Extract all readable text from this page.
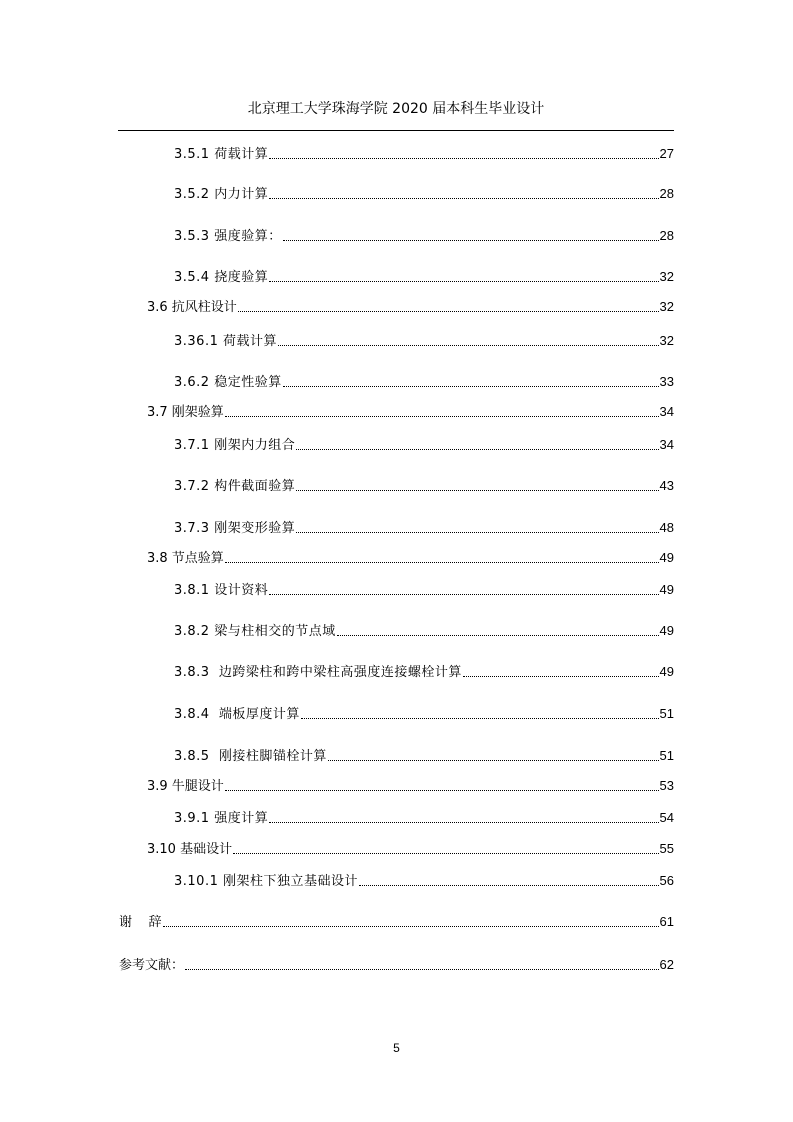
北京理工大学珠海学院 2020 届本科生毕业设计
3.5.1 荷载计算	27
3.5.2 内力计算	28
3.5.3 强度验算：	28
3.5.4 挠度验算	32
3.6 抗风柱设计	32
3.36.1 荷载计算	32
3.6.2 稳定性验算	33
3.7 刚架验算	34
3.7.1 刚架内力组合	34
3.7.2 构件截面验算	43
3.7.3 刚架变形验算	48
3.8 节点验算	49
3.8.1 设计资料	49
3.8.2 梁与柱相交的节点域	49
3.8.3  边跨梁柱和跨中梁柱高强度连接螺栓计算	49
3.8.4  端板厚度计算	51
3.8.5  刚接柱脚锚栓计算	51
3.9 牛腿设计	53
3.9.1 强度计算	54
3.10 基础设计	55
3.10.1 刚架柱下独立基础设计	56
谢    辞	61
参考文献：	62
5
